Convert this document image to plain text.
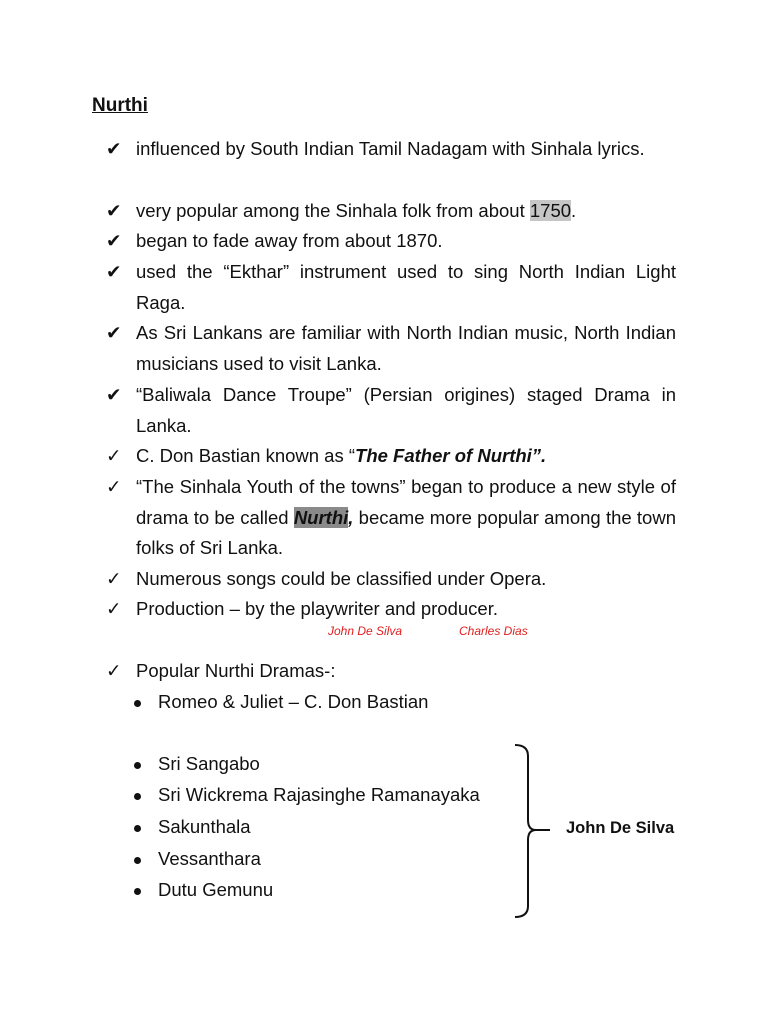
Nurthi
✔ influenced by South Indian Tamil Nadagam with Sinhala lyrics.
✔ very popular among the Sinhala folk from about 1750.
✔ began to fade away from about 1870.
✔ used the “Ekthar” instrument used to sing North Indian Light Raga.
✔ As Sri Lankans are familiar with North Indian music, North Indian musicians used to visit Lanka.
✔ “Baliwala Dance Troupe” (Persian origines) staged Drama in Lanka.
✓ C. Don Bastian known as “The Father of Nurthi”.
✓ “The Sinhala Youth of the towns” began to produce a new style of drama to be called Nurthi, became more popular among the town folks of Sri Lanka.
✓ Numerous songs could be classified under Opera.
✓ Production – by the playwriter and producer.
John De Silva	Charles Dias
✓ Popular Nurthi Dramas-:
Romeo & Juliet – C. Don Bastian
Sri Sangabo
Sri Wickrema Rajasinghe Ramanayaka
Sakunthala
Vessanthara
Dutu Gemunu
John De Silva
